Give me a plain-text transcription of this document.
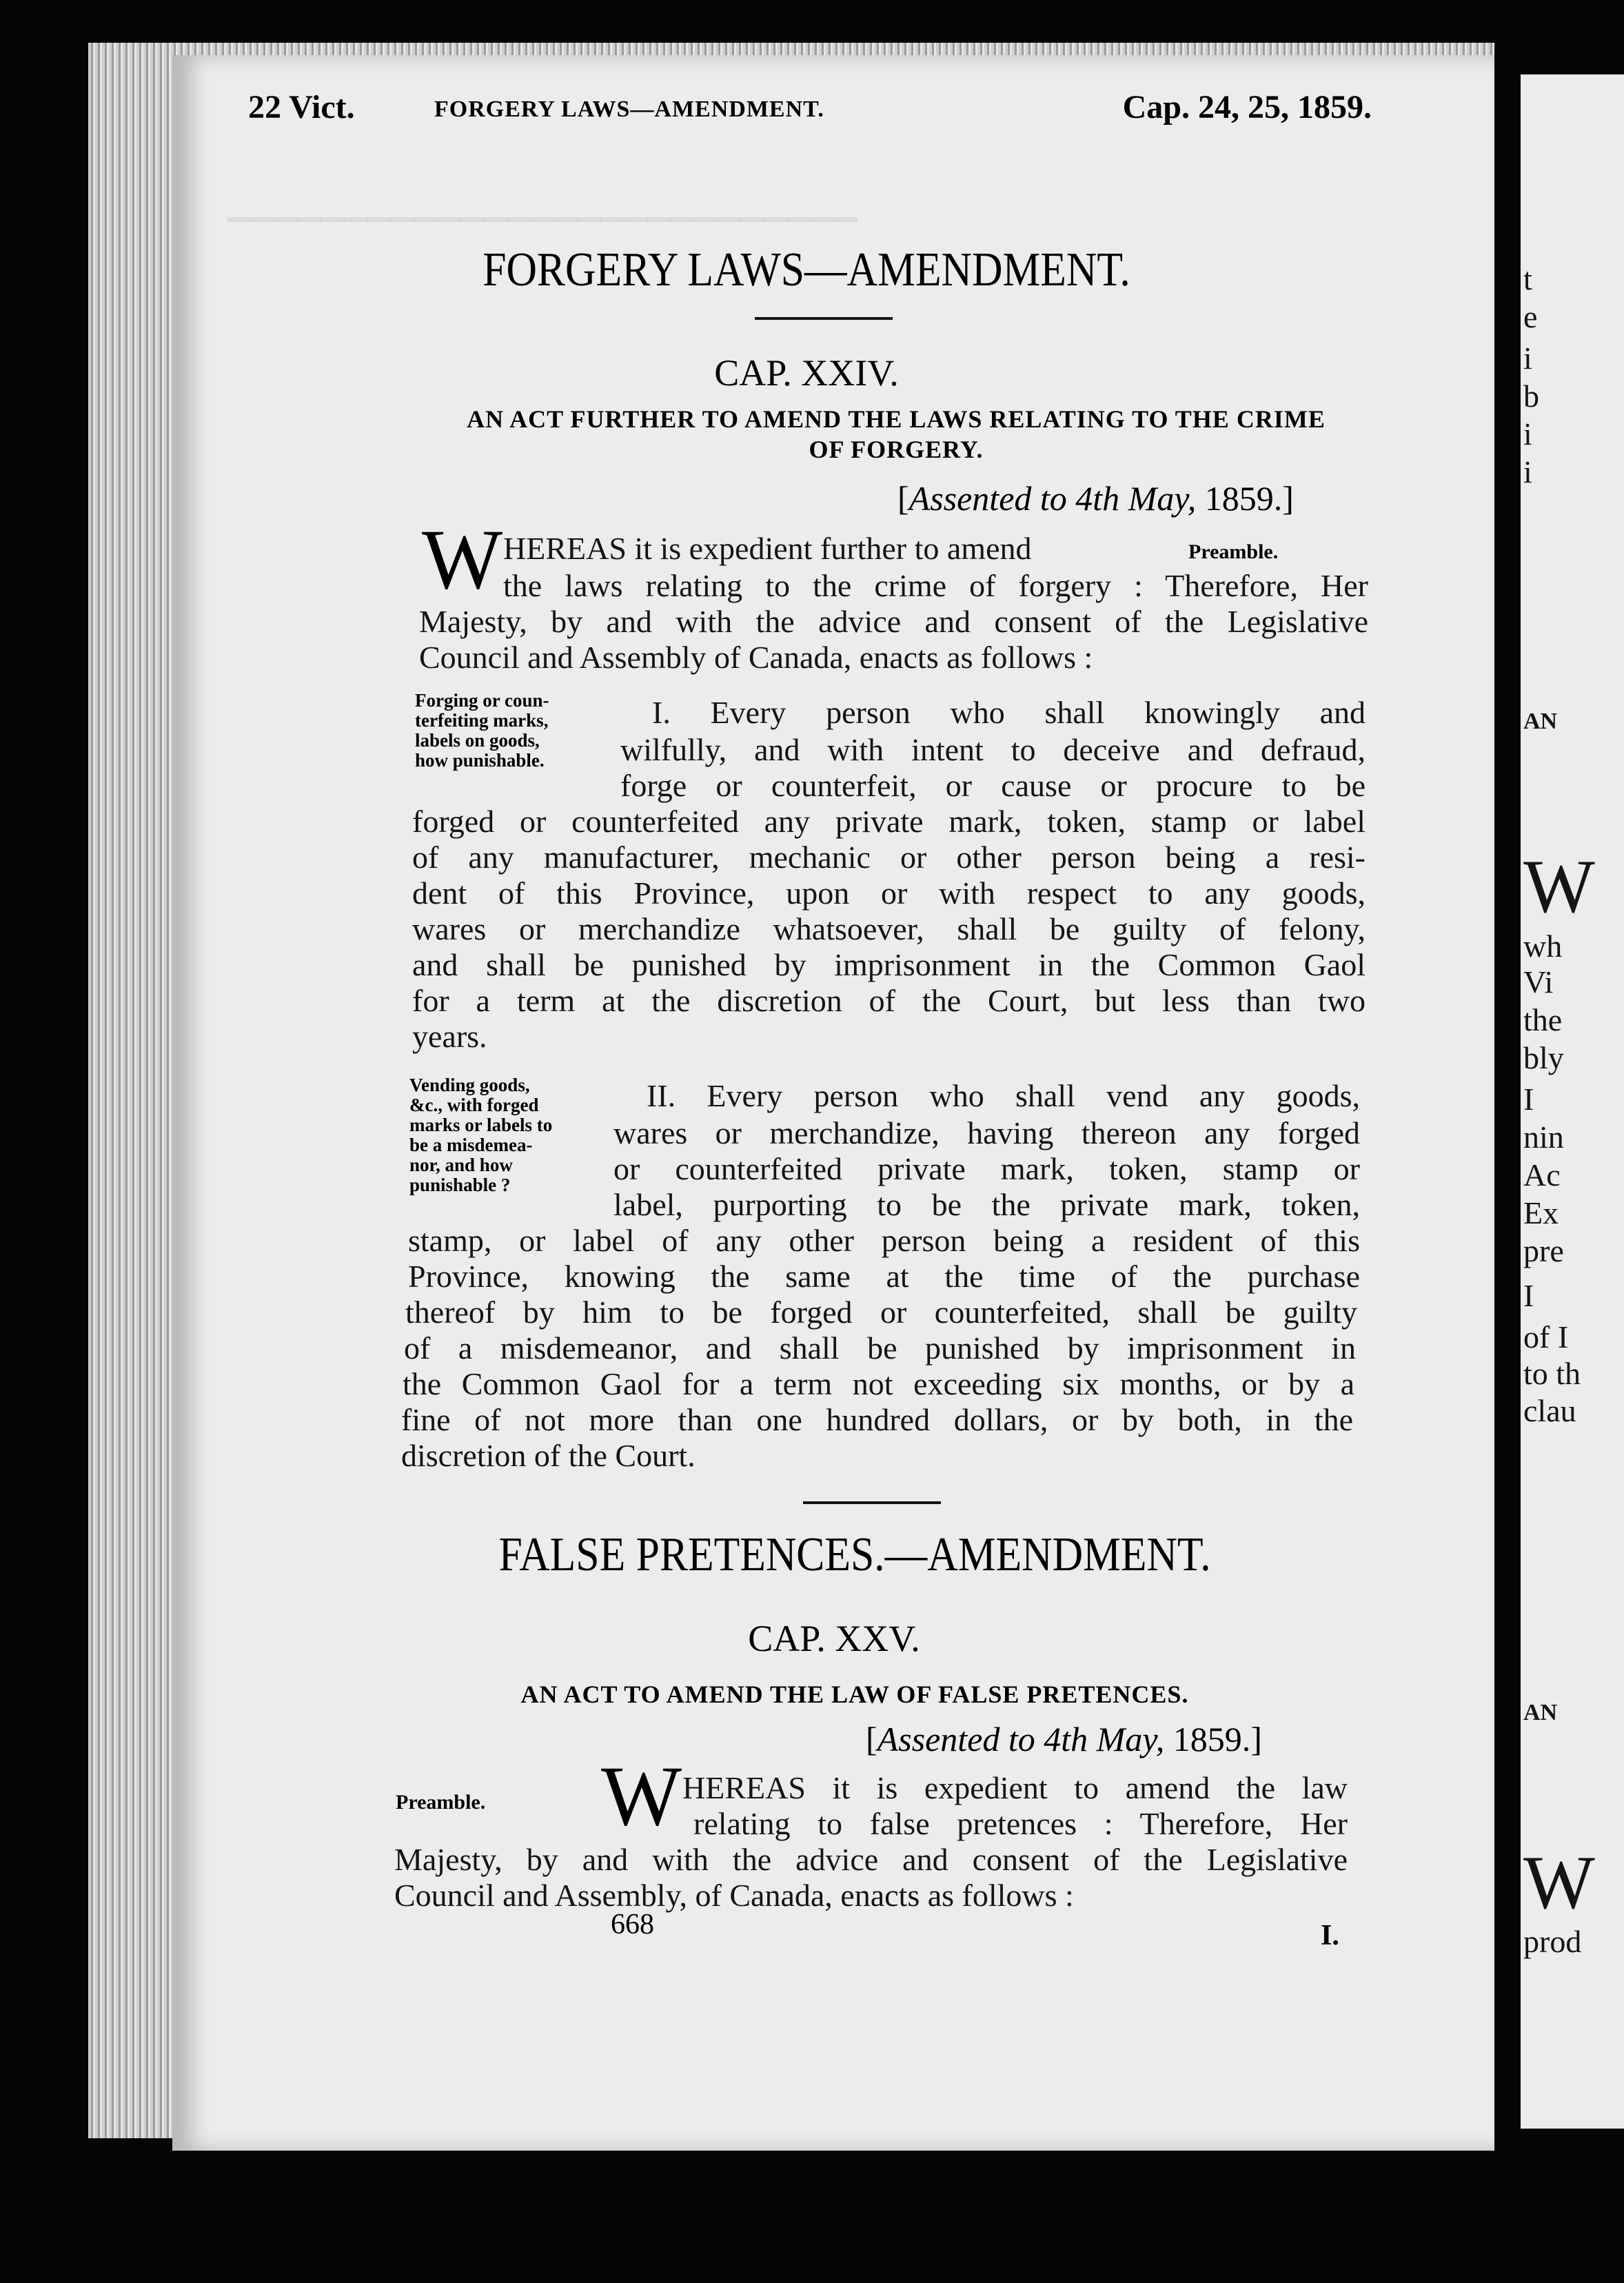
▁▁▁▁▁▁▁▁▁▁▁▁▁▁▁▁▁▁▁▁▁▁▁▁▁▁▁
t
e
i
b
i
i
AN
W
wh
Vi
the
bly
I
nin
Ac
Ex
pre
I
of I
to th
clau
AN
W
prod
22 Vict.	FORGERY LAWS—AMENDMENT.	Cap. 24, 25, 1859.
FORGERY LAWS—AMENDMENT.
CAP. XXIV.
AN ACT FURTHER TO AMEND THE LAWS RELATING TO THE CRIME
OF FORGERY.
[Assented to 4th May, 1859.]
W HEREAS it is expedient further to amend	Preamble.
the laws relating to the crime of forgery : Therefore, Her
Majesty, by and with the advice and consent of the Legislative
Council and Assembly of Canada, enacts as follows :
Forging or coun-
terfeiting marks,
labels on goods,
how punishable.
I. Every person who shall knowingly and
wilfully, and with intent to deceive and defraud,
forge or counterfeit, or cause or procure to be
forged or counterfeited any private mark, token, stamp or label
of any manufacturer, mechanic or other person being a resi-
dent of this Province, upon or with respect to any goods,
wares or merchandize whatsoever, shall be guilty of felony,
and shall be punished by imprisonment in the Common Gaol
for a term at the discretion of the Court, but less than two
years.
Vending goods,
&c., with forged
marks or labels to
be a misdemea-
nor, and how
punishable ?
II. Every person who shall vend any goods,
wares or merchandize, having thereon any forged
or counterfeited private mark, token, stamp or
label, purporting to be the private mark, token,
stamp, or label of any other person being a resident of this
Province, knowing the same at the time of the purchase
thereof by him to be forged or counterfeited, shall be guilty
of a misdemeanor, and shall be punished by imprisonment in
the Common Gaol for a term not exceeding six months, or by a
fine of not more than one hundred dollars, or by both, in the
discretion of the Court.
FALSE PRETENCES.—AMENDMENT.
CAP. XXV.
AN ACT TO AMEND THE LAW OF FALSE PRETENCES.
[Assented to 4th May, 1859.]
Preamble. W HEREAS it is expedient to amend the law
relating to false pretences : Therefore, Her
Majesty, by and with the advice and consent of the Legislative
Council and Assembly, of Canada, enacts as follows :
668	I.
